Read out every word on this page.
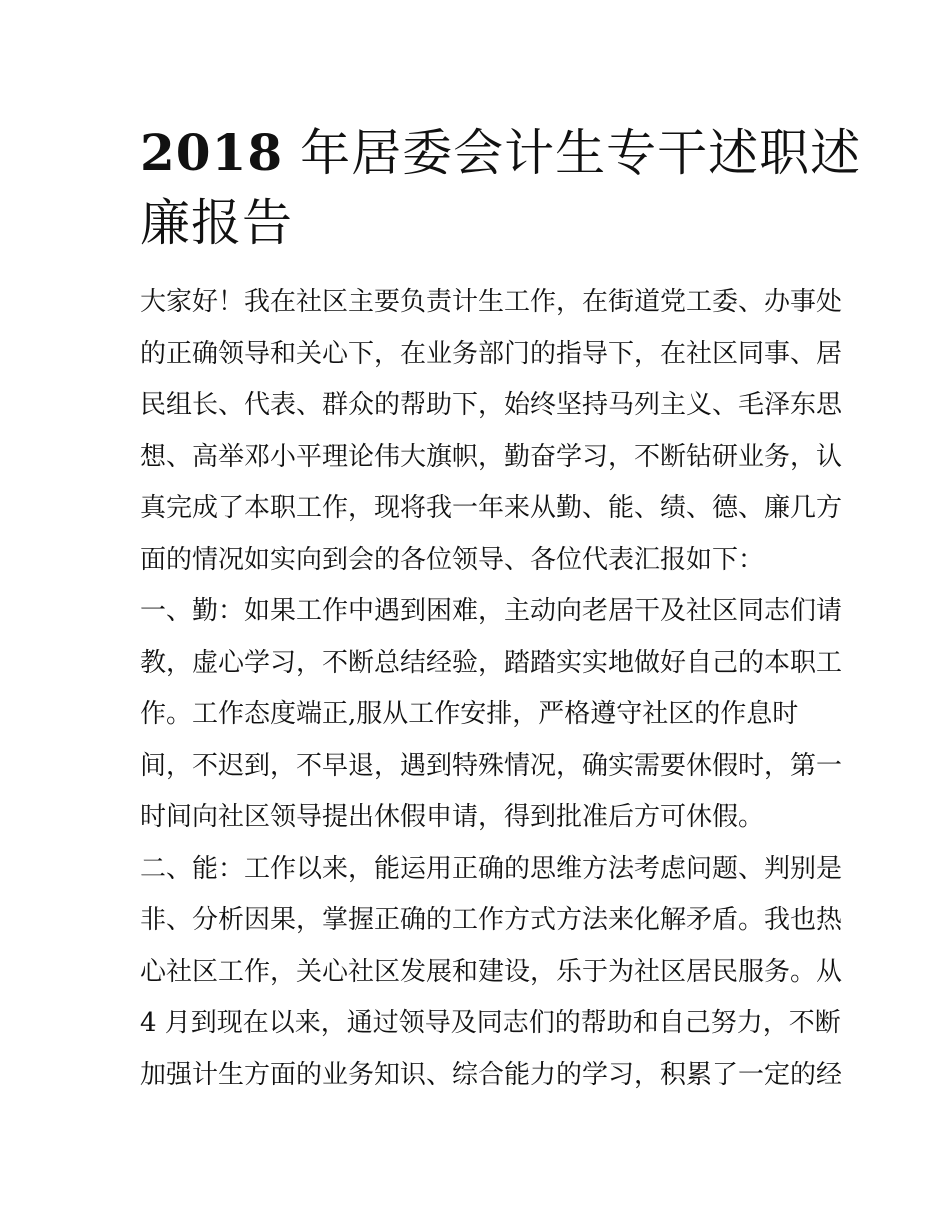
2018 年居委会计生专干述职述
廉报告
大家好！我在社区主要负责计生工作，在街道党工委、办事处
的正确领导和关心下，在业务部门的指导下，在社区同事、居
民组长、代表、群众的帮助下，始终坚持马列主义、毛泽东思
想、高举邓小平理论伟大旗帜，勤奋学习，不断钻研业务，认
真完成了本职工作，现将我一年来从勤、能、绩、德、廉几方
面的情况如实向到会的各位领导、各位代表汇报如下：
一、勤：如果工作中遇到困难，主动向老居干及社区同志们请
教，虚心学习，不断总结经验，踏踏实实地做好自己的本职工
作。工作态度端正,服从工作安排，严格遵守社区的作息时
间，不迟到，不早退，遇到特殊情况，确实需要休假时，第一
时间向社区领导提出休假申请，得到批准后方可休假。
二、能：工作以来，能运用正确的思维方法考虑问题、判别是
非、分析因果，掌握正确的工作方式方法来化解矛盾。我也热
心社区工作，关心社区发展和建设，乐于为社区居民服务。从
4 月到现在以来，通过领导及同志们的帮助和自己努力，不断
加强计生方面的业务知识、综合能力的学习，积累了一定的经
